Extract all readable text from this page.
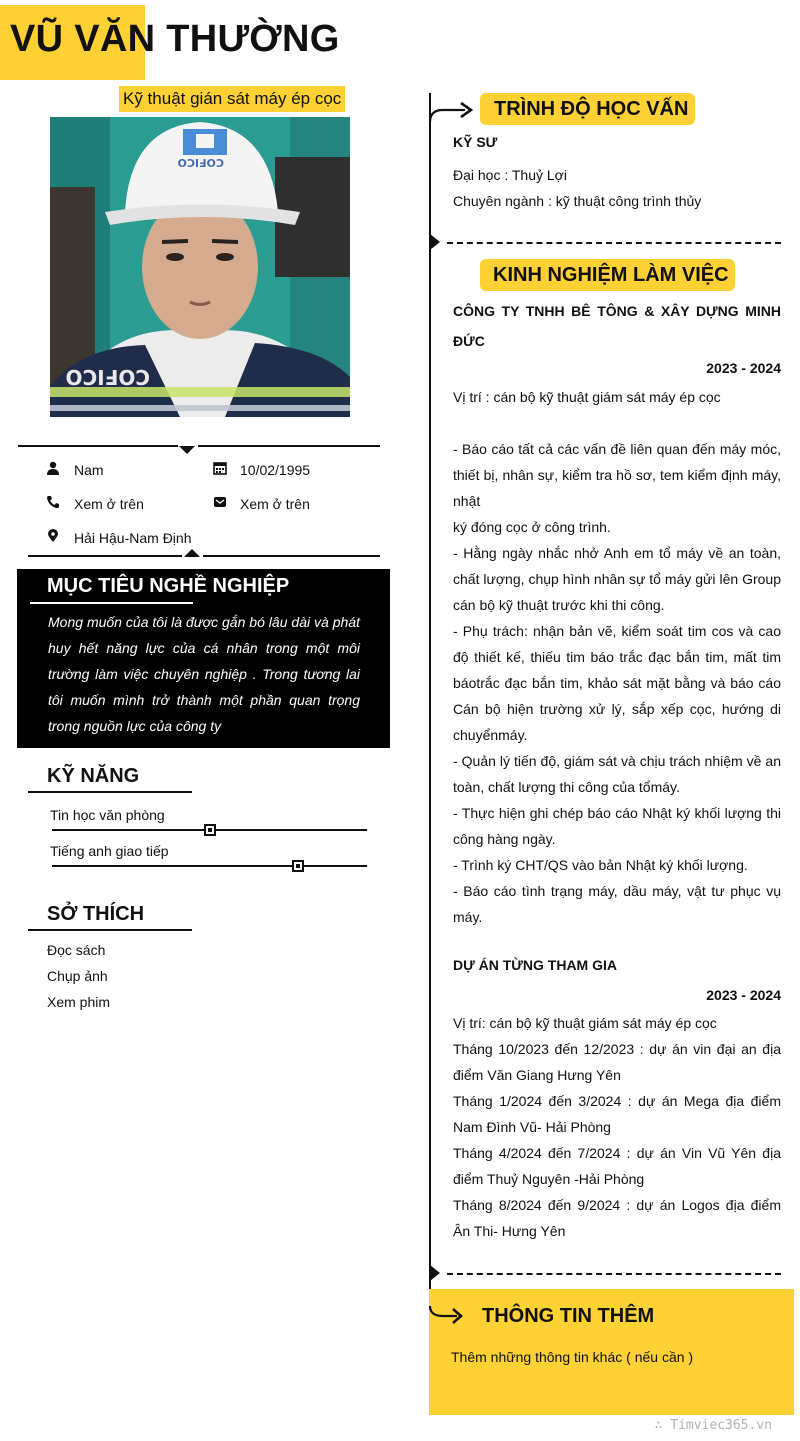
VŨ VĂN THƯỜNG
Kỹ thuật gián sát máy ép cọc
COFICO
COFICO
Nam	10/02/1995
Xem ở trên	Xem ở trên
Hải Hậu-Nam Định
MỤC TIÊU NGHỀ NGHIỆP
Mong muốn của tôi là được gắn bó lâu dài và phát huy hết năng lực của cá nhân trong một môi trường làm việc chuyên nghiệp . Trong tương lai tôi muốn mình trở thành một phần quan trọng trong nguồn lực của công ty
KỸ NĂNG
Tin học văn phòng
Tiếng anh giao tiếp
SỞ THÍCH
Đọc sách
Chụp ảnh
Xem phim
TRÌNH ĐỘ HỌC VẤN
KỸ SƯ
Đại học : Thuỷ Lợi
Chuyên ngành : kỹ thuật công trình thủy
KINH NGHIỆM LÀM VIỆC
CÔNG TY TNHH BÊ TÔNG & XÂY DỰNG MINH ĐỨC
2023 - 2024
Vị trí : cán bộ kỹ thuật giám sát máy ép cọc
- Báo cáo tất cả các vấn đề liên quan đến máy móc, thiết bị, nhân sự, kiểm tra hồ sơ, tem kiểm định máy, nhật
ký đóng cọc ở công trình.
- Hằng ngày nhắc nhở Anh em tổ máy về an toàn, chất lượng, chụp hình nhân sự tổ máy gửi lên Group cán bộ kỹ thuật trước khi thi công.
- Phụ trách: nhận bản vẽ, kiểm soát tim cos và cao độ thiết kế, thiếu tim báo trắc đạc bắn tim, mất tim báotrắc đạc bắn tim, khảo sát mặt bằng và báo cáo Cán bộ hiện trường xử lý, sắp xếp cọc, hướng di chuyểnmáy.
- Quản lý tiến độ, giám sát và chịu trách nhiệm về an toàn, chất lượng thi công của tổmáy.
- Thực hiện ghi chép báo cáo Nhật ký khối lượng thi công hàng ngày.
- Trình ký CHT/QS vào bản Nhật ký khối lượng.
- Báo cáo tình trạng máy, dầu máy, vật tư phục vụ máy.
DỰ ÁN TỪNG THAM GIA
2023 - 2024
Vị trí: cán bộ kỹ thuật giám sát máy ép cọc
Tháng 10/2023 đến 12/2023 : dự án vin đại an địa điểm Văn Giang Hưng Yên
Tháng 1/2024 đến 3/2024 : dự án Mega địa điểm Nam Đình Vũ- Hải Phòng
Tháng 4/2024 đến 7/2024 : dự án Vin Vũ Yên địa điểm Thuỷ Nguyên -Hải Phòng
Tháng 8/2024 đến 9/2024 : dự án Logos địa điểm Ân Thi- Hưng Yên
THÔNG TIN THÊM
Thêm những thông tin khác ( nếu cần )
∴ Timviec365.vn
